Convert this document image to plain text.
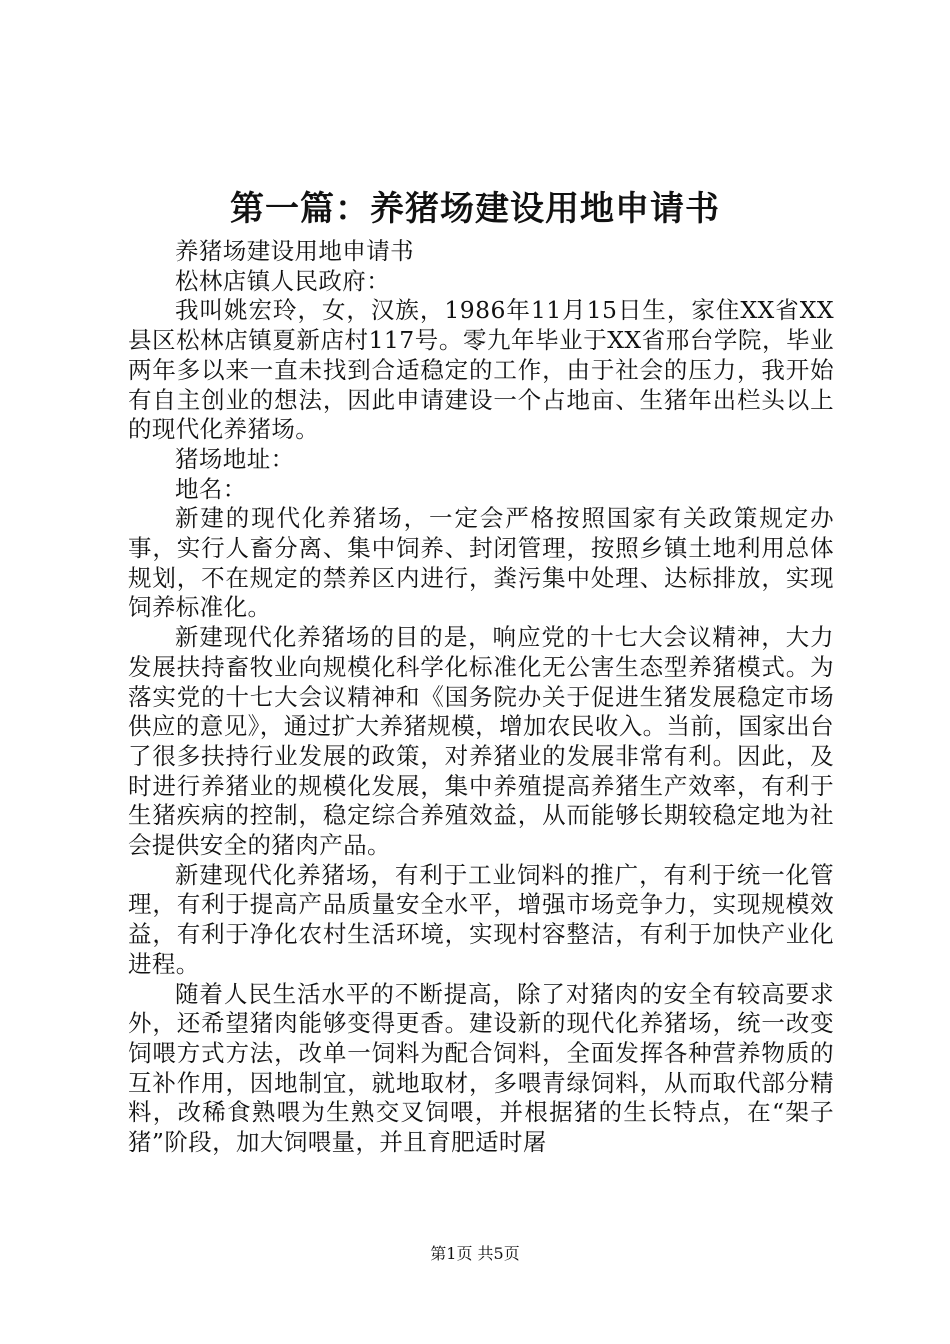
第一篇：养猪场建设用地申请书

养猪场建设用地申请书

松林店镇人民政府：

我叫姚宏玲，女，汉族，1986年11月15日生，家住XX省XX县区松林店镇夏新店村117号。零九年毕业于XX省邢台学院，毕业两年多以来一直未找到合适稳定的工作，由于社会的压力，我开始有自主创业的想法，因此申请建设一个占地亩、生猪年出栏头以上的现代化养猪场。

猪场地址：

地名：

新建的现代化养猪场，一定会严格按照国家有关政策规定办事，实行人畜分离、集中饲养、封闭管理，按照乡镇土地利用总体规划，不在规定的禁养区内进行，粪污集中处理、达标排放，实现饲养标准化。

新建现代化养猪场的目的是，响应党的十七大会议精神，大力发展扶持畜牧业向规模化科学化标准化无公害生态型养猪模式。为落实党的十七大会议精神和《国务院办关于促进生猪发展稳定市场供应的意见》，通过扩大养猪规模，增加农民收入。当前，国家出台了很多扶持行业发展的政策，对养猪业的发展非常有利。因此，及时进行养猪业的规模化发展，集中养殖提高养猪生产效率，有利于生猪疾病的控制，稳定综合养殖效益，从而能够长期较稳定地为社会提供安全的猪肉产品。

新建现代化养猪场，有利于工业饲料的推广，有利于统一化管理，有利于提高产品质量安全水平，增强市场竞争力，实现规模效益，有利于净化农村生活环境，实现村容整洁，有利于加快产业化进程。

随着人民生活水平的不断提高，除了对猪肉的安全有较高要求外，还希望猪肉能够变得更香。建设新的现代化养猪场，统一改变饲喂方式方法，改单一饲料为配合饲料，全面发挥各种营养物质的互补作用，因地制宜，就地取材，多喂青绿饲料，从而取代部分精料，改稀食熟喂为生熟交叉饲喂，并根据猪的生长特点，在“架子猪”阶段，加大饲喂量，并且育肥适时屠

第1页 共5页
